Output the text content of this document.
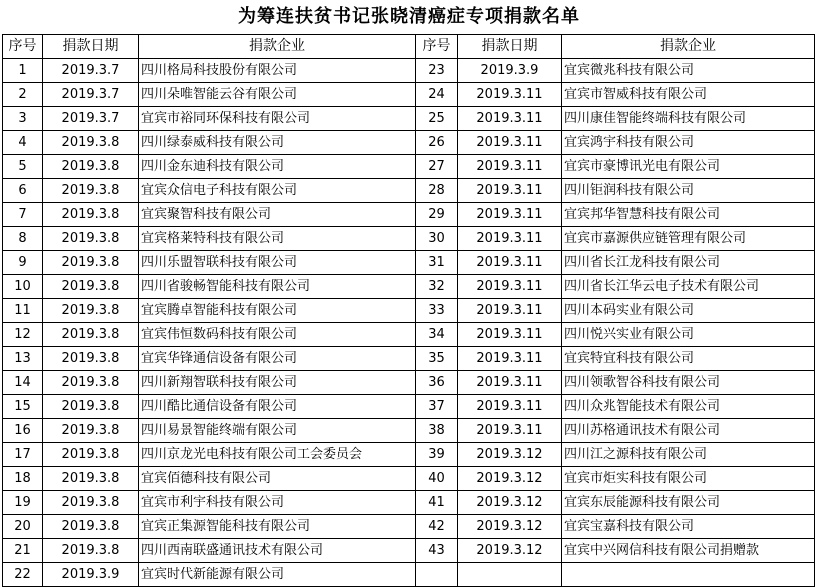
为筹连扶贫书记张晓清癌症专项捐款名单
序号	捐款日期	捐款企业	序号	捐款日期	捐款企业
1	2019.3.7	四川格局科技股份有限公司	23	2019.3.9	宜宾微兆科技有限公司
2	2019.3.7	四川朵唯智能云谷有限公司	24	2019.3.11	宜宾市智威科技有限公司
3	2019.3.7	宜宾市裕同环保科技有限公司	25	2019.3.11	四川康佳智能终端科技有限公司
4	2019.3.8	四川绿泰威科技有限公司	26	2019.3.11	宜宾鸿宇科技有限公司
5	2019.3.8	四川金东迪科技有限公司	27	2019.3.11	宜宾市豪博讯光电有限公司
6	2019.3.8	宜宾众信电子科技有限公司	28	2019.3.11	四川钜润科技有限公司
7	2019.3.8	宜宾聚智科技有限公司	29	2019.3.11	宜宾邦华智慧科技有限公司
8	2019.3.8	宜宾格莱特科技有限公司	30	2019.3.11	宜宾市嘉源供应链管理有限公司
9	2019.3.8	四川乐盟智联科技有限公司	31	2019.3.11	四川省长江龙科技有限公司
10	2019.3.8	四川省骏畅智能科技有限公司	32	2019.3.11	四川省长江华云电子技术有限公司
11	2019.3.8	宜宾腾卓智能科技有限公司	33	2019.3.11	四川本码实业有限公司
12	2019.3.8	宜宾伟恒数码科技有限公司	34	2019.3.11	四川悦兴实业有限公司
13	2019.3.8	宜宾华锋通信设备有限公司	35	2019.3.11	宜宾特宜科技有限公司
14	2019.3.8	四川新翔智联科技有限公司	36	2019.3.11	四川领歌智谷科技有限公司
15	2019.3.8	四川酷比通信设备有限公司	37	2019.3.11	四川众兆智能技术有限公司
16	2019.3.8	四川易景智能终端有限公司	38	2019.3.11	四川苏格通讯技术有限公司
17	2019.3.8	四川京龙光电科技有限公司工会委员会	39	2019.3.12	四川江之源科技有限公司
18	2019.3.8	宜宾佰德科技有限公司	40	2019.3.12	宜宾市炬实科技有限公司
19	2019.3.8	宜宾市利宇科技有限公司	41	2019.3.12	宜宾东辰能源科技有限公司
20	2019.3.8	宜宾正集源智能科技有限公司	42	2019.3.12	宜宾宝嘉科技有限公司
21	2019.3.8	四川西南联盛通讯技术有限公司	43	2019.3.12	宜宾中兴网信科技有限公司捐赠款
22	2019.3.9	宜宾时代新能源有限公司			
